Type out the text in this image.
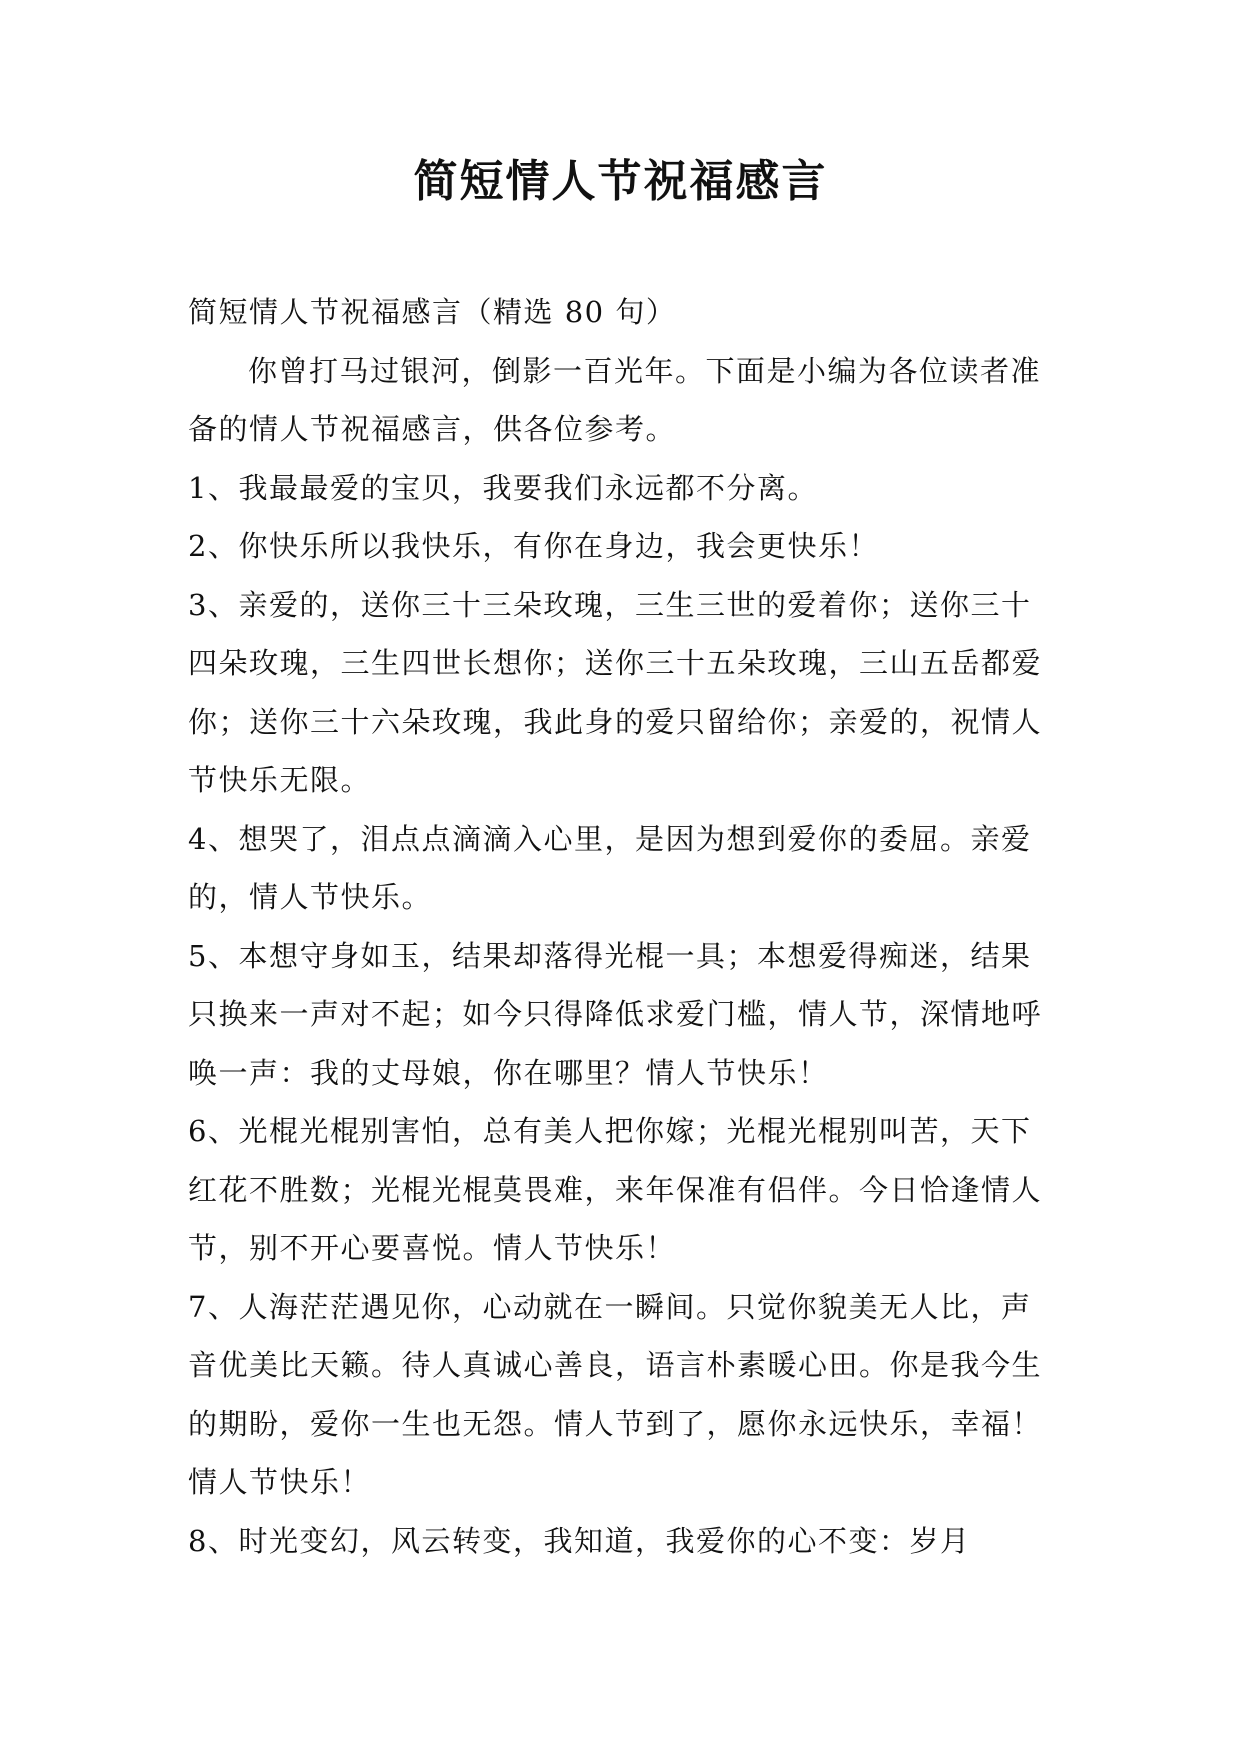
简短情人节祝福感言

简短情人节祝福感言（精选 80 句）

你曾打马过银河，倒影一百光年。下面是小编为各位读者准备的情人节祝福感言，供各位参考。

1、我最最爱的宝贝，我要我们永远都不分离。

2、你快乐所以我快乐，有你在身边，我会更快乐！

3、亲爱的，送你三十三朵玫瑰，三生三世的爱着你；送你三十四朵玫瑰，三生四世长想你；送你三十五朵玫瑰，三山五岳都爱你；送你三十六朵玫瑰，我此身的爱只留给你；亲爱的，祝情人节快乐无限。

4、想哭了，泪点点滴滴入心里，是因为想到爱你的委屈。亲爱的，情人节快乐。

5、本想守身如玉，结果却落得光棍一具；本想爱得痴迷，结果只换来一声对不起；如今只得降低求爱门槛，情人节，深情地呼唤一声：我的丈母娘，你在哪里？情人节快乐！

6、光棍光棍别害怕，总有美人把你嫁；光棍光棍别叫苦，天下红花不胜数；光棍光棍莫畏难，来年保准有侣伴。今日恰逢情人节，别不开心要喜悦。情人节快乐！

7、人海茫茫遇见你，心动就在一瞬间。只觉你貌美无人比，声音优美比天籁。待人真诚心善良，语言朴素暖心田。你是我今生的期盼，爱你一生也无怨。情人节到了，愿你永远快乐，幸福！情人节快乐！

8、时光变幻，风云转变，我知道，我爱你的心不变：岁月
